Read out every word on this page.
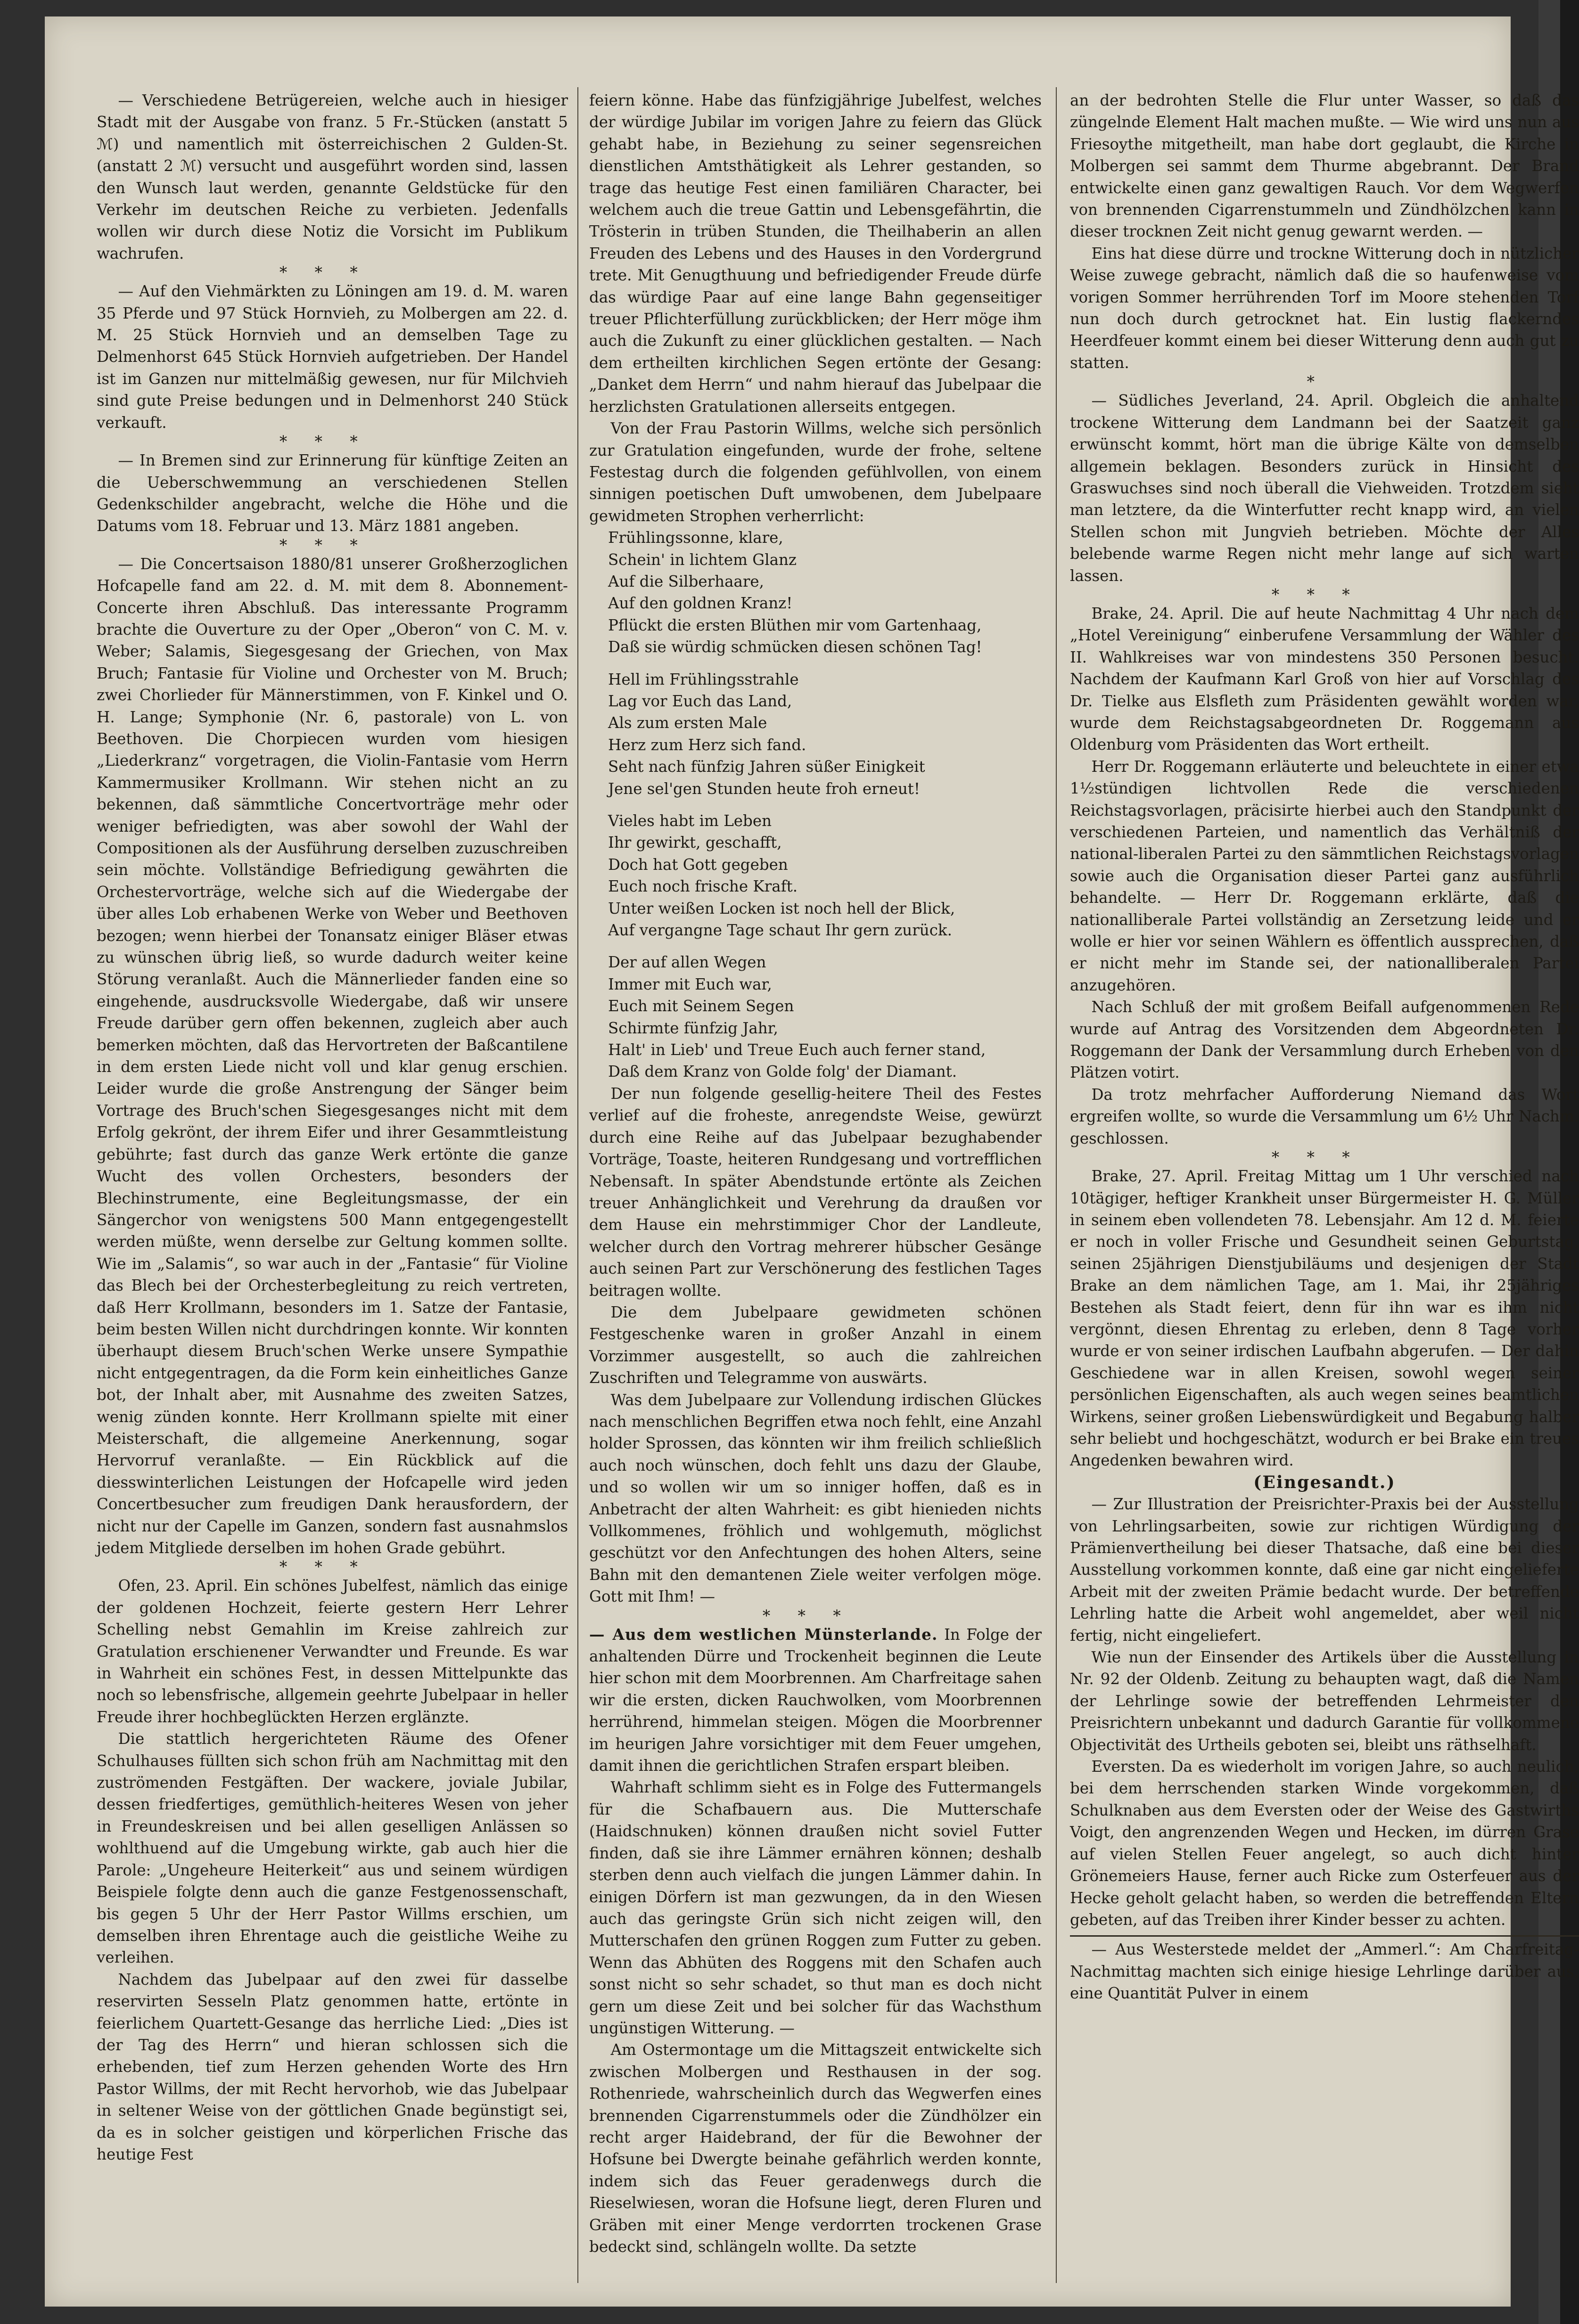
— Verschiedene Betrügereien, welche auch in hiesiger Stadt mit der Ausgabe von franz. 5 Fr.-Stücken (anstatt 5 ℳ) und namentlich mit österreichischen 2 Gulden-St. (anstatt 2 ℳ) versucht und ausgeführt worden sind, lassen den Wunsch laut werden, genannte Geldstücke für den Verkehr im deutschen Reiche zu verbieten. Jedenfalls wollen wir durch diese Notiz die Vorsicht im Publikum wachrufen.

*​**

— Auf den Viehmärkten zu Löningen am 19. d. M. waren 35 Pferde und 97 Stück Hornvieh, zu Molbergen am 22. d. M. 25 Stück Hornvieh und an demselben Tage zu Delmenhorst 645 Stück Hornvieh aufgetrieben. Der Handel ist im Ganzen nur mittelmäßig gewesen, nur für Milchvieh sind gute Preise bedungen und in Delmenhorst 240 Stück verkauft.

*​**

— In Bremen sind zur Erinnerung für künftige Zeiten an die Ueberschwemmung an verschiedenen Stellen Gedenkschilder angebracht, welche die Höhe und die Datums vom 18. Februar und 13. März 1881 angeben.

*​**

— Die Concertsaison 1880/81 unserer Großherzoglichen Hofcapelle fand am 22. d. M. mit dem 8. Abonnement-Concerte ihren Abschluß. Das interessante Programm brachte die Ouverture zu der Oper „Oberon“ von C. M. v. Weber; Salamis, Siegesgesang der Griechen, von Max Bruch; Fantasie für Violine und Orchester von M. Bruch; zwei Chorlieder für Männerstimmen, von F. Kinkel und O. H. Lange; Symphonie (Nr. 6, pastorale) von L. von Beethoven. Die Chorpiecen wurden vom hiesigen „Liederkranz“ vorgetragen, die Violin-Fantasie vom Herrn Kammermusiker Krollmann. Wir stehen nicht an zu bekennen, daß sämmtliche Concertvorträge mehr oder weniger befriedigten, was aber sowohl der Wahl der Compositionen als der Ausführung derselben zuzuschreiben sein möchte. Vollständige Befriedigung gewährten die Orchestervorträge, welche sich auf die Wiedergabe der über alles Lob erhabenen Werke von Weber und Beethoven bezogen; wenn hierbei der Tonansatz einiger Bläser etwas zu wünschen übrig ließ, so wurde dadurch weiter keine Störung veranlaßt. Auch die Männerlieder fanden eine so eingehende, ausdrucksvolle Wiedergabe, daß wir unsere Freude darüber gern offen bekennen, zugleich aber auch bemerken möchten, daß das Hervortreten der Baßcantilene in dem ersten Liede nicht voll und klar genug erschien. Leider wurde die große Anstrengung der Sänger beim Vortrage des Bruch'schen Siegesgesanges nicht mit dem Erfolg gekrönt, der ihrem Eifer und ihrer Gesammtleistung gebührte; fast durch das ganze Werk ertönte die ganze Wucht des vollen Orchesters, besonders der Blechinstrumente, eine Begleitungsmasse, der ein Sängerchor von wenigstens 500 Mann entgegengestellt werden müßte, wenn derselbe zur Geltung kommen sollte. Wie im „Salamis“, so war auch in der „Fantasie“ für Violine das Blech bei der Orchesterbegleitung zu reich vertreten, daß Herr Krollmann, besonders im 1. Satze der Fantasie, beim besten Willen nicht durchdringen konnte. Wir konnten überhaupt diesem Bruch'schen Werke unsere Sympathie nicht entgegentragen, da die Form kein einheitliches Ganze bot, der Inhalt aber, mit Ausnahme des zweiten Satzes, wenig zünden konnte. Herr Krollmann spielte mit einer Meisterschaft, die allgemeine Anerkennung, sogar Hervorruf veranlaßte. — Ein Rückblick auf die diesswinterlichen Leistungen der Hofcapelle wird jeden Concertbesucher zum freudigen Dank herausfordern, der nicht nur der Capelle im Ganzen, sondern fast ausnahmslos jedem Mitgliede derselben im hohen Grade gebührt.

*​**

Ofen, 23. April. Ein schönes Jubelfest, nämlich das einige der goldenen Hochzeit, feierte gestern Herr Lehrer Schelling nebst Gemahlin im Kreise zahlreich zur Gratulation erschienener Verwandter und Freunde. Es war in Wahrheit ein schönes Fest, in dessen Mittelpunkte das noch so lebensfrische, allgemein geehrte Jubelpaar in heller Freude ihrer hochbeglückten Herzen erglänzte.

Die stattlich hergerichteten Räume des Ofener Schulhauses füllten sich schon früh am Nachmittag mit den zuströmenden Festgäften. Der wackere, joviale Jubilar, dessen friedfertiges, gemüthlich-heiteres Wesen von jeher in Freundeskreisen und bei allen geselligen Anlässen so wohlthuend auf die Umgebung wirkte, gab auch hier die Parole: „Ungeheure Heiterkeit“ aus und seinem würdigen Beispiele folgte denn auch die ganze Festgenossenschaft, bis gegen 5 Uhr der Herr Pastor Willms erschien, um demselben ihren Ehrentage auch die geistliche Weihe zu verleihen.

Nachdem das Jubelpaar auf den zwei für dasselbe reservirten Sesseln Platz genommen hatte, ertönte in feierlichem Quartett-Gesange das herrliche Lied: „Dies ist der Tag des Herrn“ und hieran schlossen sich die erhebenden, tief zum Herzen gehenden Worte des Hrn Pastor Willms, der mit Recht hervorhob, wie das Jubelpaar in seltener Weise von der göttlichen Gnade begünstigt sei, da es in solcher geistigen und körperlichen Frische das heutige Fest

feiern könne. Habe das fünfzigjährige Jubelfest, welches der würdige Jubilar im vorigen Jahre zu feiern das Glück gehabt habe, in Beziehung zu seiner segensreichen dienstlichen Amtsthätigkeit als Lehrer gestanden, so trage das heutige Fest einen familiären Character, bei welchem auch die treue Gattin und Lebensgefährtin, die Trösterin in trüben Stunden, die Theilhaberin an allen Freuden des Lebens und des Hauses in den Vordergrund trete. Mit Genugthuung und befriedigender Freude dürfe das würdige Paar auf eine lange Bahn gegenseitiger treuer Pflichterfüllung zurückblicken; der Herr möge ihm auch die Zukunft zu einer glücklichen gestalten. — Nach dem ertheilten kirchlichen Segen ertönte der Gesang: „Danket dem Herrn“ und nahm hierauf das Jubelpaar die herzlichsten Gratulationen allerseits entgegen.

Von der Frau Pastorin Willms, welche sich persönlich zur Gratulation eingefunden, wurde der frohe, seltene Festestag durch die folgenden gefühlvollen, von einem sinnigen poetischen Duft umwobenen, dem Jubelpaare gewidmeten Strophen verherrlicht:

Frühlingssonne, klare,
Schein' in lichtem Glanz
Auf die Silberhaare,
Auf den goldnen Kranz!
Pflückt die ersten Blüthen mir vom Gartenhaag,
Daß sie würdig schmücken diesen schönen Tag!
Hell im Frühlingsstrahle
Lag vor Euch das Land,
Als zum ersten Male
Herz zum Herz sich fand.
Seht nach fünfzig Jahren süßer Einigkeit
Jene sel'gen Stunden heute froh erneut!
Vieles habt im Leben
Ihr gewirkt, geschafft,
Doch hat Gott gegeben
Euch noch frische Kraft.
Unter weißen Locken ist noch hell der Blick,
Auf vergangne Tage schaut Ihr gern zurück.
Der auf allen Wegen
Immer mit Euch war,
Euch mit Seinem Segen
Schirmte fünfzig Jahr,
Halt' in Lieb' und Treue Euch auch ferner stand,
Daß dem Kranz von Golde folg' der Diamant.

Der nun folgende gesellig-heitere Theil des Festes verlief auf die froheste, anregendste Weise, gewürzt durch eine Reihe auf das Jubelpaar bezughabender Vorträge, Toaste, heiteren Rundgesang und vortrefflichen Nebensaft. In später Abendstunde ertönte als Zeichen treuer Anhänglichkeit und Verehrung da draußen vor dem Hause ein mehrstimmiger Chor der Landleute, welcher durch den Vortrag mehrerer hübscher Gesänge auch seinen Part zur Verschönerung des festlichen Tages beitragen wollte.

Die dem Jubelpaare gewidmeten schönen Festgeschenke waren in großer Anzahl in einem Vorzimmer ausgestellt, so auch die zahlreichen Zuschriften und Telegramme von auswärts.

Was dem Jubelpaare zur Vollendung irdischen Glückes nach menschlichen Begriffen etwa noch fehlt, eine Anzahl holder Sprossen, das könnten wir ihm freilich schließlich auch noch wünschen, doch fehlt uns dazu der Glaube, und so wollen wir um so inniger hoffen, daß es in Anbetracht der alten Wahrheit: es gibt hienieden nichts Vollkommenes, fröhlich und wohlgemuth, möglichst geschützt vor den Anfechtungen des hohen Alters, seine Bahn mit den demantenen Ziele weiter verfolgen möge. Gott mit Ihm! —

*​**

— Aus dem westlichen Münsterlande. In Folge der anhaltenden Dürre und Trockenheit beginnen die Leute hier schon mit dem Moorbrennen. Am Charfreitage sahen wir die ersten, dicken Rauchwolken, vom Moorbrennen herrührend, himmelan steigen. Mögen die Moorbrenner im heurigen Jahre vorsichtiger mit dem Feuer umgehen, damit ihnen die gerichtlichen Strafen erspart bleiben.

Wahrhaft schlimm sieht es in Folge des Futtermangels für die Schafbauern aus. Die Mutterschafe (Haidschnuken) können draußen nicht soviel Futter finden, daß sie ihre Lämmer ernähren können; deshalb sterben denn auch vielfach die jungen Lämmer dahin. In einigen Dörfern ist man gezwungen, da in den Wiesen auch das geringste Grün sich nicht zeigen will, den Mutterschafen den grünen Roggen zum Futter zu geben. Wenn das Abhüten des Roggens mit den Schafen auch sonst nicht so sehr schadet, so thut man es doch nicht gern um diese Zeit und bei solcher für das Wachsthum ungünstigen Witterung. —

Am Ostermontage um die Mittagszeit entwickelte sich zwischen Molbergen und Resthausen in der sog. Rothenriede, wahrscheinlich durch das Wegwerfen eines brennenden Cigarrenstummels oder die Zündhölzer ein recht arger Haidebrand, der für die Bewohner der Hofsune bei Dwergte beinahe gefährlich werden konnte, indem sich das Feuer geradenwegs durch die Rieselwiesen, woran die Hofsune liegt, deren Fluren und Gräben mit einer Menge verdorrten trockenen Grase bedeckt sind, schlängeln wollte. Da setzte

an der bedrohten Stelle die Flur unter Wasser, so daß das züngelnde Element Halt machen mußte. — Wie wird uns nun aus Friesoythe mitgetheilt, man habe dort geglaubt, die Kirche in Molbergen sei sammt dem Thurme abgebrannt. Der Brand entwickelte einen ganz gewaltigen Rauch. Vor dem Wegwerfen von brennenden Cigarrenstummeln und Zündhölzchen kann in dieser trocknen Zeit nicht genug gewarnt werden. —

Eins hat diese dürre und trockne Witterung doch in nützlicher Weise zuwege gebracht, nämlich daß die so haufenweise vom vorigen Sommer herrührenden Torf im Moore stehenden Torf nun doch durch getrocknet hat. Ein lustig flackerndes Heerdfeuer kommt einem bei dieser Witterung denn auch gut zu statten.

*

— Südliches Jeverland, 24. April. Obgleich die anhaltend trockene Witterung dem Landmann bei der Saatzeit ganz erwünscht kommt, hört man die übrige Kälte von demselben allgemein beklagen. Besonders zurück in Hinsicht des Graswuchses sind noch überall die Viehweiden. Trotzdem sieht man letztere, da die Winterfutter recht knapp wird, an vielen Stellen schon mit Jungvieh betrieben. Möchte der Alles belebende warme Regen nicht mehr lange auf sich warten lassen.

*​**

Brake, 24. April. Die auf heute Nachmittag 4 Uhr nach dem „Hotel Vereinigung“ einberufene Versammlung der Wähler des II. Wahlkreises war von mindestens 350 Personen besucht. Nachdem der Kaufmann Karl Groß von hier auf Vorschlag des Dr. Tielke aus Elsfleth zum Präsidenten gewählt worden war, wurde dem Reichstagsabgeordneten Dr. Roggemann aus Oldenburg vom Präsidenten das Wort ertheilt.

Herr Dr. Roggemann erläuterte und beleuchtete in einer etwa 1½stündigen lichtvollen Rede die verschiedenen Reichstagsvorlagen, präcisirte hierbei auch den Standpunkt der verschiedenen Parteien, und namentlich das Verhältniß der national-liberalen Partei zu den sämmtlichen Reichstagsvorlagen sowie auch die Organisation dieser Partei ganz ausführlich behandelte. — Herr Dr. Roggemann erklärte, daß die nationalliberale Partei vollständig an Zersetzung leide und er wolle er hier vor seinen Wählern es öffentlich aussprechen, daß er nicht mehr im Stande sei, der nationalliberalen Partei anzugehören.

Nach Schluß der mit großem Beifall aufgenommenen Rede wurde auf Antrag des Vorsitzenden dem Abgeordneten Dr. Roggemann der Dank der Versammlung durch Erheben von den Plätzen votirt.

Da trotz mehrfacher Aufforderung Niemand das Wort ergreifen wollte, so wurde die Versammlung um 6½ Uhr Nachm. geschlossen.

*​**

Brake, 27. April. Freitag Mittag um 1 Uhr verschied nach 10tägiger, heftiger Krankheit unser Bürgermeister H. G. Müller in seinem eben vollendeten 78. Lebensjahr. Am 12 d. M. feierte er noch in voller Frische und Gesundheit seinen Geburtstag, seinen 25jährigen Dienstjubiläums und desjenigen der Stadt Brake an dem nämlichen Tage, am 1. Mai, ihr 25jähriges Bestehen als Stadt feiert, denn für ihn war es ihm nicht vergönnt, diesen Ehrentag zu erleben, denn 8 Tage vorher wurde er von seiner irdischen Laufbahn abgerufen. — Der dahin Geschiedene war in allen Kreisen, sowohl wegen seiner persönlichen Eigenschaften, als auch wegen seines beamtlichen Wirkens, seiner großen Liebenswürdigkeit und Begabung halber sehr beliebt und hochgeschätzt, wodurch er bei Brake ein treues Angedenken bewahren wird.

(Eingesandt.)

— Zur Illustration der Preisrichter-Praxis bei der Ausstellung von Lehrlingsarbeiten, sowie zur richtigen Würdigung der Prämienvertheilung bei dieser Thatsache, daß eine bei dieser Ausstellung vorkommen konnte, daß eine gar nicht eingelieferte Arbeit mit der zweiten Prämie bedacht wurde. Der betreffende Lehrling hatte die Arbeit wohl angemeldet, aber weil nicht fertig, nicht eingeliefert.

Wie nun der Einsender des Artikels über die Ausstellung in Nr. 92 der Oldenb. Zeitung zu behaupten wagt, daß die Namen der Lehrlinge sowie der betreffenden Lehrmeister den Preisrichtern unbekannt und dadurch Garantie für vollkommene Objectivität des Urtheils geboten sei, bleibt uns räthselhaft.

Eversten. Da es wiederholt im vorigen Jahre, so auch neulich, bei dem herrschenden starken Winde vorgekommen, daß Schulknaben aus dem Eversten oder der Weise des Gastwirths Voigt, den angrenzenden Wegen und Hecken, im dürren Grase auf vielen Stellen Feuer angelegt, so auch dicht hinter Grönemeiers Hause, ferner auch Ricke zum Osterfeuer aus der Hecke geholt gelacht haben, so werden die betreffenden Eltern gebeten, auf das Treiben ihrer Kinder besser zu achten.

— Aus Westerstede meldet der „Ammerl.“: Am Charfreitag-Nachmittag machten sich einige hiesige Lehrlinge darüber aus, eine Quantität Pulver in einem
